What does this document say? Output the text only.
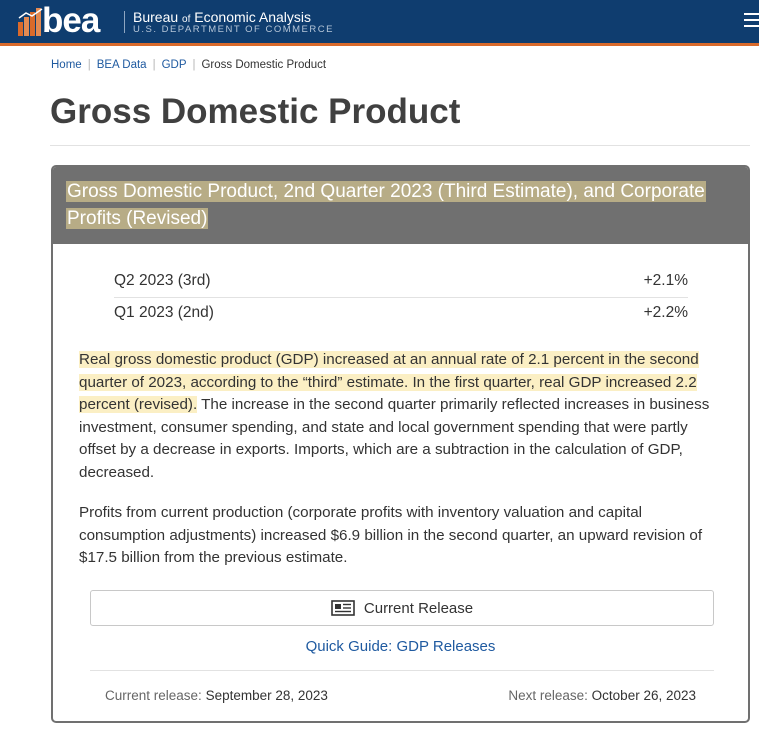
bea Bureau of Economic Analysis
U.S. DEPARTMENT OF COMMERCE
Home | BEA Data | GDP | Gross Domestic Product
Gross Domestic Product
Gross Domestic Product, 2nd Quarter 2023 (Third Estimate), and Corporate Profits (Revised)
Q2 2023 (3rd)	+2.1%
Q1 2023 (2nd)	+2.2%

Real gross domestic product (GDP) increased at an annual rate of 2.1 percent in the second quarter of 2023, according to the “third” estimate. In the first quarter, real GDP increased 2.2 percent (revised). The increase in the second quarter primarily reflected increases in business investment, consumer spending, and state and local government spending that were partly offset by a decrease in exports. Imports, which are a subtraction in the calculation of GDP, decreased.

Profits from current production (corporate profits with inventory valuation and capital consumption adjustments) increased $6.9 billion in the second quarter, an upward revision of $17.5 billion from the previous estimate.

Current Release
Quick Guide: GDP Releases
Current release: September 28, 2023	Next release: October 26, 2023
